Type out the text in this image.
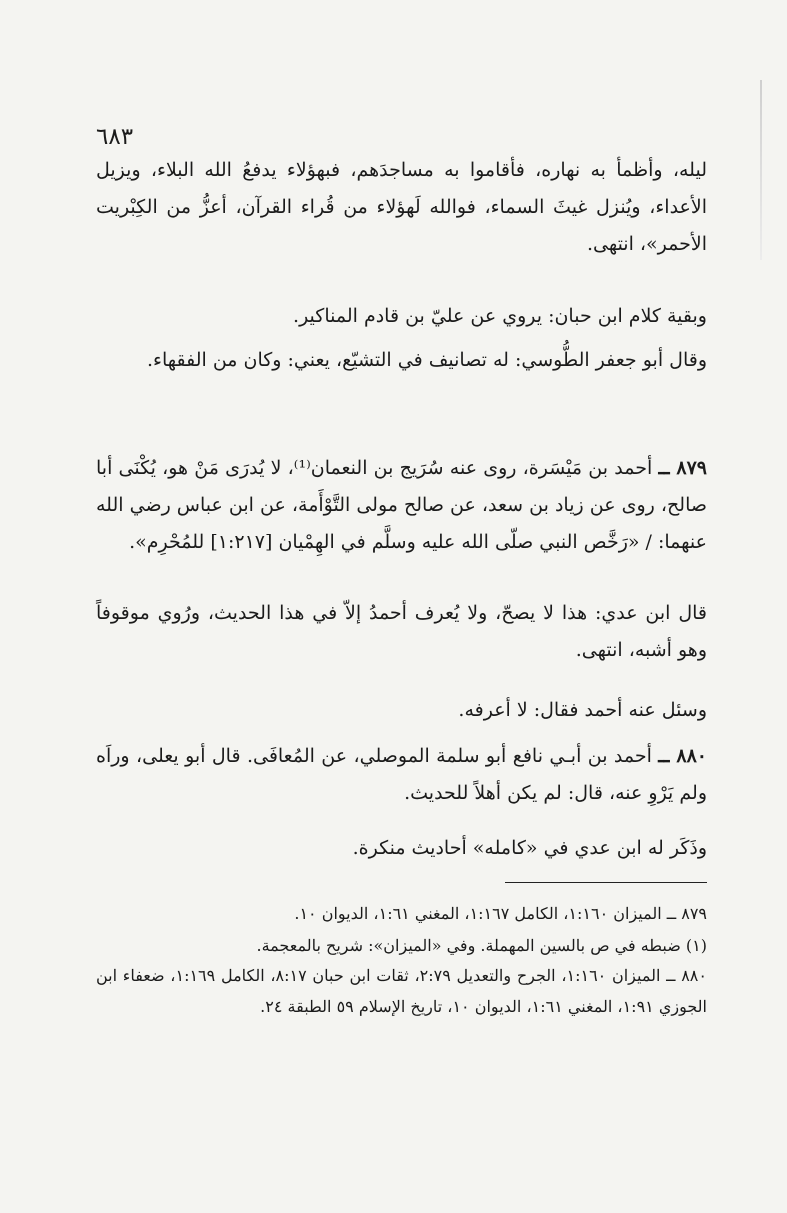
٦٨٣
ليله، وأظمأ به نهاره، فأقاموا به مساجدَهم، فبهؤلاء يدفعُ الله البلاء، ويزيل الأعداء، ويُنزل غيثَ السماء، فوالله لَهؤلاء من قُراء القرآن، أعزُّ من الكِبْريت الأحمر»، انتهى.
وبقية كلام ابن حبان: يروي عن عليّ بن قادم المناكير.
وقال أبو جعفر الطُّوسي: له تصانيف في التشيّع، يعني: وكان من الفقهاء.
٨٧٩ ــ أحمد بن مَيْسَرة، روى عنه سُرَيج بن النعمان⁽¹⁾، لا يُدرَى مَنْ هو، يُكْنَى أبا صالح، روى عن زياد بن سعد، عن صالح مولى التَّوْأَمة، عن ابن عباس رضي الله عنهما: / «رَخَّص النبي صلّى الله عليه وسلَّم في الهِمْيان [١:٢١٧] للمُحْرِم».
قال ابن عدي: هذا لا يصحّ، ولا يُعرف أحمدُ إلاّ في هذا الحديث، ورُوي موقوفاً وهو أشبه، انتهى.
وسئل عنه أحمد فقال: لا أعرفه.
٨٨٠ ــ أحمد بن أبـي نافع أبو سلمة الموصلي، عن المُعافَى. قال أبو يعلى، وراَه ولم يَرْوِ عنه، قال: لم يكن أهلاً للحديث.
وذَكَر له ابن عدي في «كامله» أحاديث منكرة.
٨٧٩ ــ الميزان ١:١٦٠، الكامل ١:١٦٧، المغني ١:٦١، الديوان ١٠.
(١) ضبطه في ص بالسين المهملة. وفي «الميزان»: شريح بالمعجمة.
٨٨٠ ــ الميزان ١:١٦٠، الجرح والتعديل ٢:٧٩، ثقات ابن حبان ٨:١٧، الكامل ١:١٦٩، ضعفاء ابن الجوزي ١:٩١، المغني ١:٦١، الديوان ١٠، تاريخ الإسلام ٥٩ الطبقة ٢٤.
